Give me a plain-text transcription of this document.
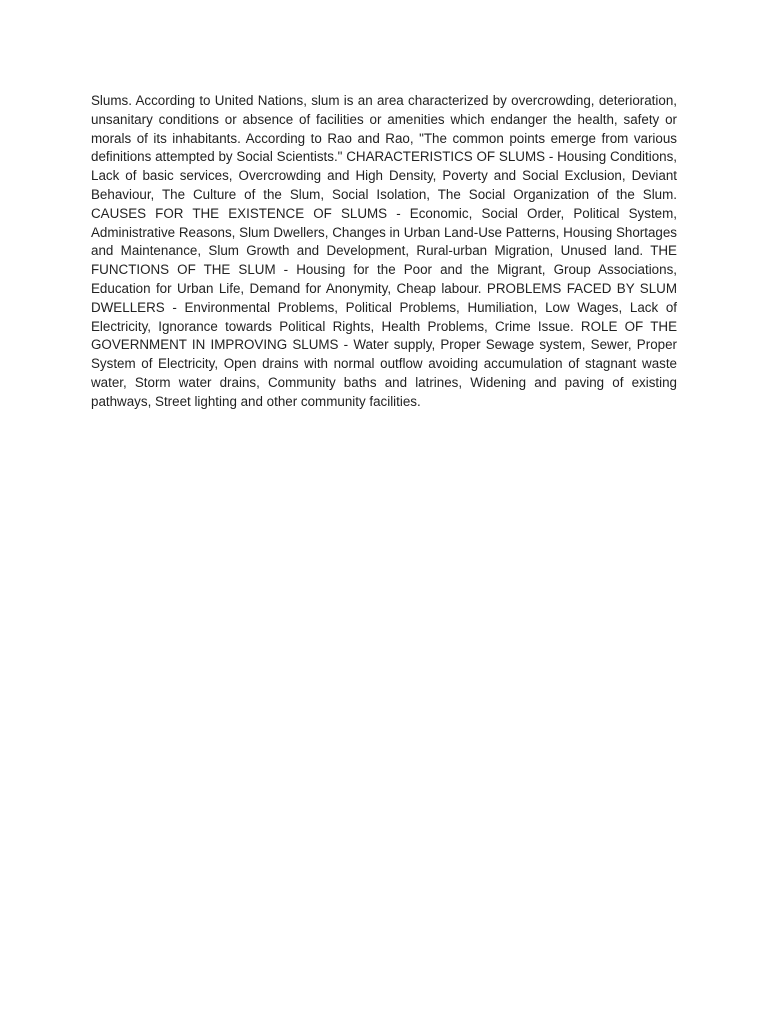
Slums. According to United Nations, slum is an area characterized by overcrowding, deterioration, unsanitary conditions or absence of facilities or amenities which endanger the health, safety or morals of its inhabitants. According to Rao and Rao, "The common points emerge from various definitions attempted by Social Scientists." CHARACTERISTICS OF SLUMS - Housing Conditions, Lack of basic services, Overcrowding and High Density, Poverty and Social Exclusion, Deviant Behaviour, The Culture of the Slum, Social Isolation, The Social Organization of the Slum. CAUSES FOR THE EXISTENCE OF SLUMS - Economic, Social Order, Political System, Administrative Reasons, Slum Dwellers, Changes in Urban Land-Use Patterns, Housing Shortages and Maintenance, Slum Growth and Development, Rural-urban Migration, Unused land. THE FUNCTIONS OF THE SLUM - Housing for the Poor and the Migrant, Group Associations, Education for Urban Life, Demand for Anonymity, Cheap labour. PROBLEMS FACED BY SLUM DWELLERS - Environmental Problems, Political Problems, Humiliation, Low Wages, Lack of Electricity, Ignorance towards Political Rights, Health Problems, Crime Issue. ROLE OF THE GOVERNMENT IN IMPROVING SLUMS - Water supply, Proper Sewage system, Sewer, Proper System of Electricity, Open drains with normal outflow avoiding accumulation of stagnant waste water, Storm water drains, Community baths and latrines, Widening and paving of existing pathways, Street lighting and other community facilities.
